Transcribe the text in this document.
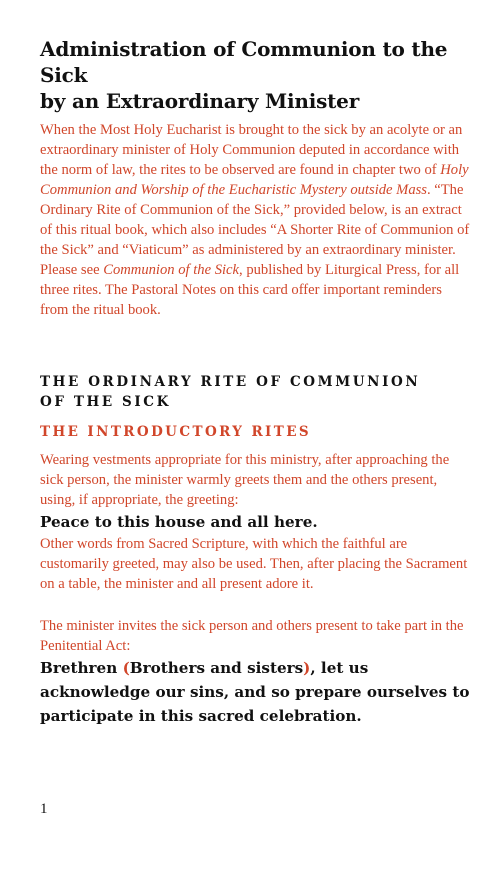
Administration of Communion to the Sick
by an Extraordinary Minister

When the Most Holy Eucharist is brought to the sick by an acolyte or an extraordinary minister of Holy Communion deputed in accordance with the norm of law, the rites to be observed are found in chapter two of Holy Communion and Worship of the Eucharistic Mystery outside Mass. “The Ordinary Rite of Communion of the Sick,” provided below, is an extract of this ritual book, which also includes “A Shorter Rite of Communion of the Sick” and “Viaticum” as administered by an extraordinary minister. Please see Communion of the Sick, published by Liturgical Press, for all three rites. The Pastoral Notes on this card offer important reminders from the ritual book.

THE ORDINARY RITE OF COMMUNION
OF THE SICK
THE INTRODUCTORY RITES

Wearing vestments appropriate for this ministry, after approaching the sick person, the minister warmly greets them and the others present, using, if appropriate, the greeting:

Peace to this house and all here.

Other words from Sacred Scripture, with which the faithful are customarily greeted, may also be used. Then, after placing the Sacrament on a table, the minister and all present adore it.

The minister invites the sick person and others present to take part in the Penitential Act:

Brethren (Brothers and sisters), let us acknowledge our sins, and so prepare ourselves to participate in this sacred celebration.

1
